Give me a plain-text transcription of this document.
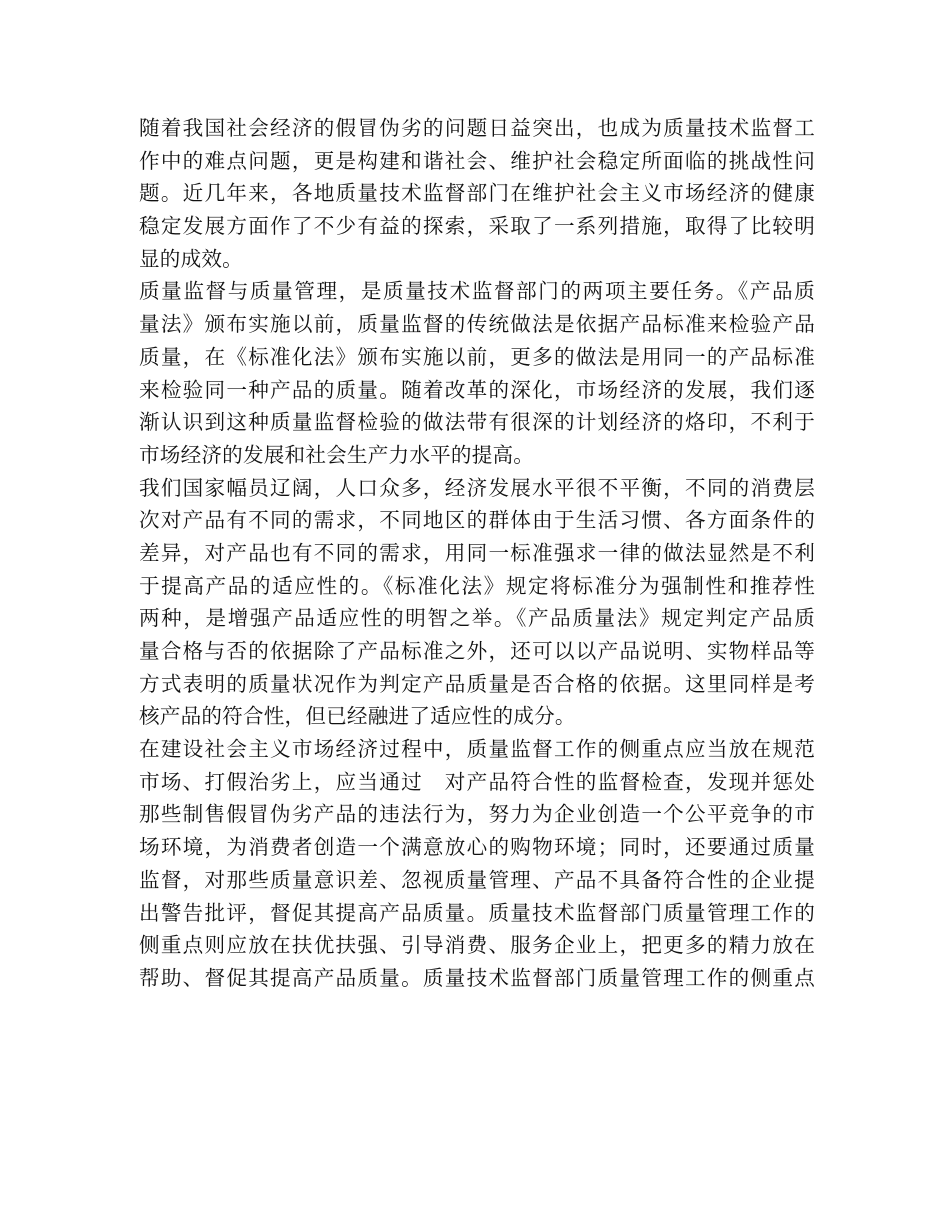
随着我国社会经济的假冒伪劣的问题日益突出，也成为质量技术监督工
作中的难点问题，更是构建和谐社会、维护社会稳定所面临的挑战性问
题。近几年来，各地质量技术监督部门在维护社会主义市场经济的健康
稳定发展方面作了不少有益的探索，采取了一系列措施，取得了比较明
显的成效。
质量监督与质量管理，是质量技术监督部门的两项主要任务。《产品质
量法》颁布实施以前，质量监督的传统做法是依据产品标准来检验产品
质量，在《标准化法》颁布实施以前，更多的做法是用同一的产品标准
来检验同一种产品的质量。随着改革的深化，市场经济的发展，我们逐
渐认识到这种质量监督检验的做法带有很深的计划经济的烙印，不利于
市场经济的发展和社会生产力水平的提高。
我们国家幅员辽阔，人口众多，经济发展水平很不平衡，不同的消费层
次对产品有不同的需求，不同地区的群体由于生活习惯、各方面条件的
差异，对产品也有不同的需求，用同一标准强求一律的做法显然是不利
于提高产品的适应性的。《标准化法》规定将标准分为强制性和推荐性
两种，是增强产品适应性的明智之举。《产品质量法》规定判定产品质
量合格与否的依据除了产品标准之外，还可以以产品说明、实物样品等
方式表明的质量状况作为判定产品质量是否合格的依据。这里同样是考
核产品的符合性，但已经融进了适应性的成分。
在建设社会主义市场经济过程中，质量监督工作的侧重点应当放在规范
市场、打假治劣上，应当通过　对产品符合性的监督检查，发现并惩处
那些制售假冒伪劣产品的违法行为，努力为企业创造一个公平竞争的市
场环境，为消费者创造一个满意放心的购物环境；同时，还要通过质量
监督，对那些质量意识差、忽视质量管理、产品不具备符合性的企业提
出警告批评，督促其提高产品质量。质量技术监督部门质量管理工作的
侧重点则应放在扶优扶强、引导消费、服务企业上，把更多的精力放在
帮助、督促其提高产品质量。质量技术监督部门质量管理工作的侧重点
